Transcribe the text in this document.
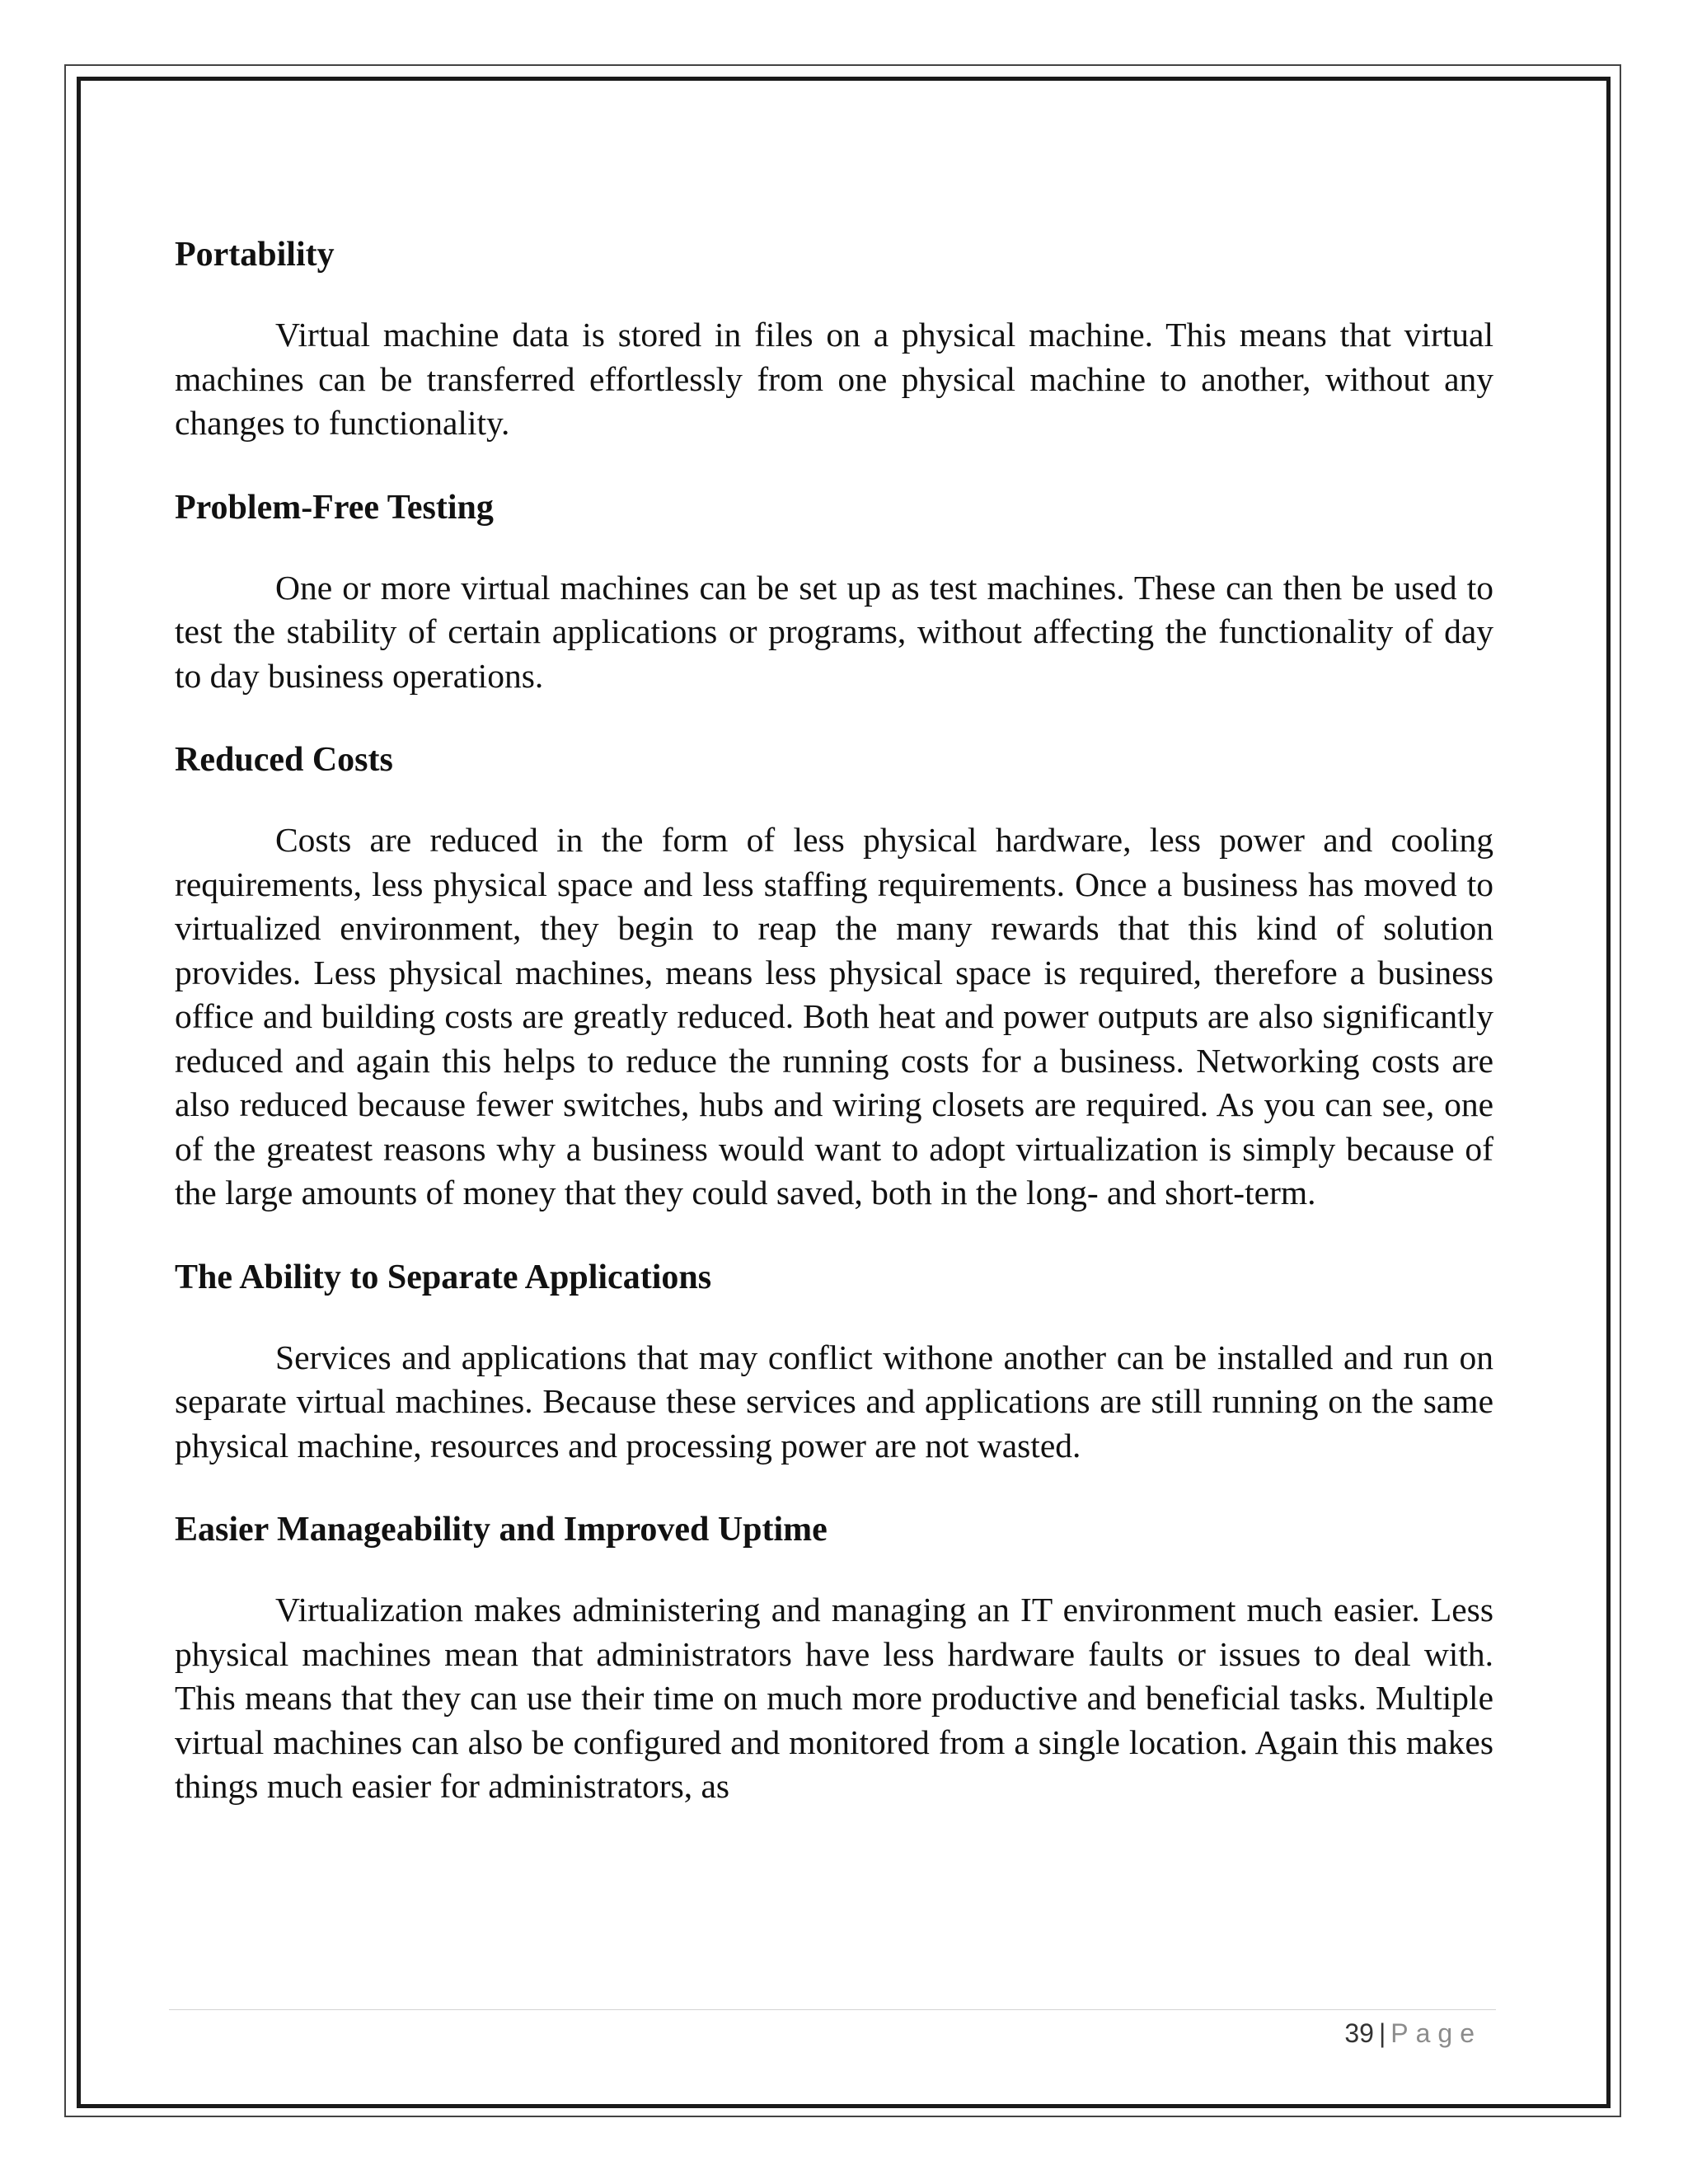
Portability
Virtual machine data is stored in files on a physical machine. This means that virtual machines can be transferred effortlessly from one physical machine to another, without any changes to functionality.
Problem-Free Testing
One or more virtual machines can be set up as test machines. These can then be used to test the stability of certain applications or programs, without affecting the functionality of day to day business operations.
Reduced Costs
Costs are reduced in the form of less physical hardware, less power and cooling requirements, less physical space and less staffing requirements. Once a business has moved to virtualized environment, they begin to reap the many rewards that this kind of solution provides. Less physical machines, means less physical space is required, therefore a business office and building costs are greatly reduced. Both heat and power outputs are also significantly reduced and again this helps to reduce the running costs for a business. Networking costs are also reduced because fewer switches, hubs and wiring closets are required. As you can see, one of the greatest reasons why a business would want to adopt virtualization is simply because of the large amounts of money that they could saved, both in the long- and short-term.
The Ability to Separate Applications
Services and applications that may conflict withone another can be installed and run on separate virtual machines. Because these services and applications are still running on the same physical machine, resources and processing power are not wasted.
Easier Manageability and Improved Uptime
Virtualization makes administering and managing an IT environment much easier. Less physical machines mean that administrators have less hardware faults or issues to deal with. This means that they can use their time on much more productive and beneficial tasks. Multiple virtual machines can also be configured and monitored from a single location. Again this makes things much easier for administrators, as
39 | Page
